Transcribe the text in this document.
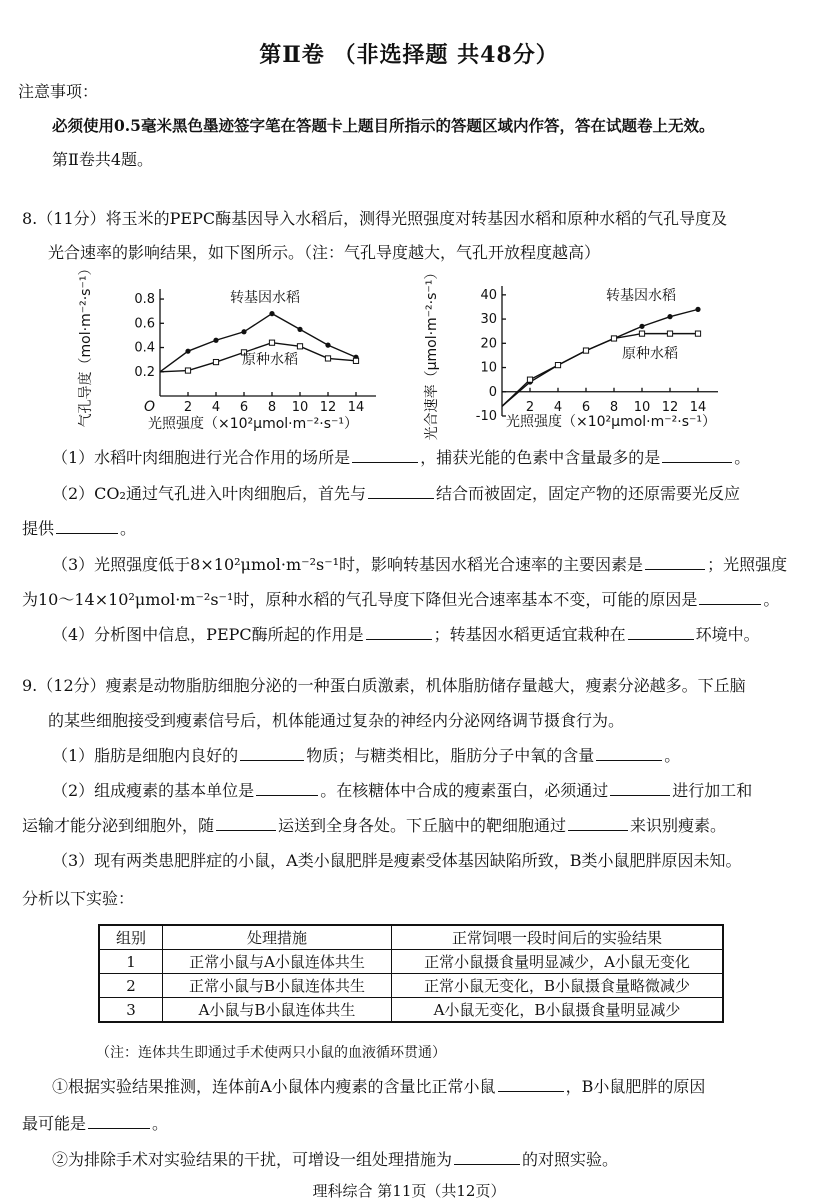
第Ⅱ卷 （非选择题 共48分）
注意事项：
必须使用0.5毫米黑色墨迹签字笔在答题卡上题目所指示的答题区域内作答，答在试题卷上无效。
第Ⅱ卷共4题。
8.（11分）将玉米的PEPC酶基因导入水稻后，测得光照强度对转基因水稻和原种水稻的气孔导度及
光合速率的影响结果，如下图所示。（注：气孔导度越大，气孔开放程度越高）
0.2
0.4
0.6
0.8
2 4 6 8 10 12 14
O
光照强度（×10²μmol·m⁻²·s⁻¹）
气孔导度（mol·m⁻²·s⁻¹）	转基因水稻
原种水稻
-10
0
10
20
30
40
2 4 6 8 10 12 14
光照强度（×10²μmol·m⁻²·s⁻¹）
光合速率（μmol·m⁻²·s⁻¹）	转基因水稻
原种水稻
（1）水稻叶肉细胞进行光合作用的场所是	，捕获光能的色素中含量最多的是	。
（2）CO₂通过气孔进入叶肉细胞后，首先与	结合而被固定，固定产物的还原需要光反应
提供	。
（3）光照强度低于8×10²μmol·m⁻²s⁻¹时，影响转基因水稻光合速率的主要因素是	；光照强度
为10～14×10²μmol·m⁻²s⁻¹时，原种水稻的气孔导度下降但光合速率基本不变，可能的原因是	。
（4）分析图中信息，PEPC酶所起的作用是	；转基因水稻更适宜栽种在	环境中。
9.（12分）瘦素是动物脂肪细胞分泌的一种蛋白质激素，机体脂肪储存量越大，瘦素分泌越多。下丘脑
的某些细胞接受到瘦素信号后，机体能通过复杂的神经内分泌网络调节摄食行为。
（1）脂肪是细胞内良好的	物质；与糖类相比，脂肪分子中氧的含量	。
（2）组成瘦素的基本单位是	。在核糖体中合成的瘦素蛋白，必须通过	进行加工和
运输才能分泌到细胞外，随	运送到全身各处。下丘脑中的靶细胞通过	来识别瘦素。
（3）现有两类患肥胖症的小鼠，A类小鼠肥胖是瘦素受体基因缺陷所致，B类小鼠肥胖原因未知。
分析以下实验：
组别	处理措施	正常饲喂一段时间后的实验结果
1	正常小鼠与A小鼠连体共生	正常小鼠摄食量明显减少，A小鼠无变化
2	正常小鼠与B小鼠连体共生	正常小鼠无变化，B小鼠摄食量略微减少
3	A小鼠与B小鼠连体共生	A小鼠无变化，B小鼠摄食量明显减少
（注：连体共生即通过手术使两只小鼠的血液循环贯通）
①根据实验结果推测，连体前A小鼠体内瘦素的含量比正常小鼠	，B小鼠肥胖的原因
最可能是	。
②为排除手术对实验结果的干扰，可增设一组处理措施为	的对照实验。
理科综合 第11页（共12页）
